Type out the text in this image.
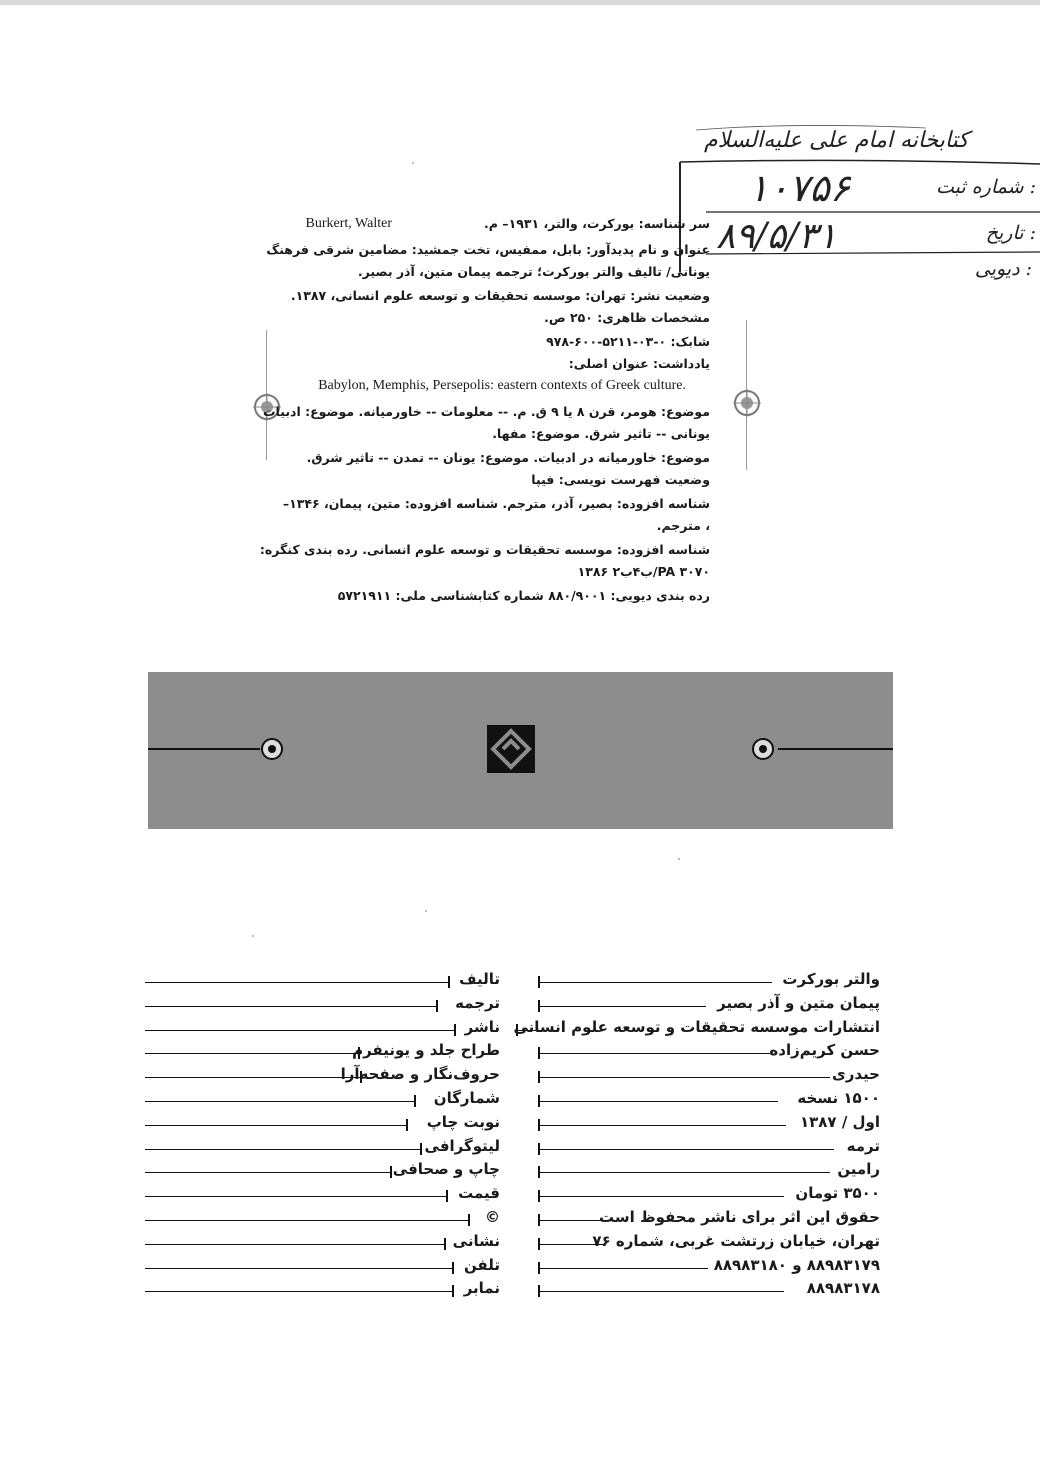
کتابخانه امام علی علیه‌السلام
شماره ثبت :
۱۰۷۵۶
تاریخ :
۸۹/۵/۳۱
دیویی :
سر شناسه: بورکرت، والتر، ۱۹۳۱– م.
Burkert, Walter
عنوان و نام پدیدآور: بابل، ممفیس، تخت جمشید: مضامین شرقی فرهنگ
یونانی/ تالیف والتر بورکرت؛ ترجمه پیمان متین، آذر بصیر.
وضعیت نشر: تهران: موسسه تحقیقات و توسعه علوم انسانی، ۱۳۸۷.
مشخصات ظاهری: ۲۵۰ ص.
شابک: ۰-۰۳-۵۲۱۱-۶۰۰-۹۷۸
یادداشت: عنوان اصلی:
Babylon, Memphis, Persepolis: eastern contexts of Greek culture.
موضوع: هومر، قرن ۸ یا ۹ ق. م. -- معلومات -- خاورمیانه. موضوع: ادبیات
یونانی -- تاثیر شرق. موضوع: مفها.
موضوع: خاورمیانه در ادبیات. موضوع: یونان -- تمدن -- تاثیر شرق.
وضعیت فهرست نویسی: فیپا
شناسه افزوده: بصیر، آذر، مترجم. شناسه افزوده: متین، پیمان، ۱۳۴۶–
، مترجم.
شناسه افزوده: موسسه تحقیقات و توسعه علوم انسانی. رده بندی کنگره:
PA ۳۰۷۰/ب۴ب۲ ۱۳۸۶
رده بندی دیویی: ۸۸۰/۹۰۰۱ شماره کتابشناسی ملی: ۵۷۲۱۹۱۱
تالیف
ترجمه
ناشر
طراح جلد و یونیفرم
حروف‌نگار و صفحه‌آرا
شمارگان
نوبت چاپ
لیتوگرافی
چاپ و صحافی
قیمت
©
نشانی
تلفن
نمابر
والتر بورکرت
پیمان متین و آذر بصیر
انتشارات موسسه تحقیقات و توسعه علوم انسانی
حسن کریم‌زاده
حیدری
۱۵۰۰ نسخه
اول / ۱۳۸۷
ترمه
رامین
۳۵۰۰ تومان
حقوق این اثر برای ناشر محفوظ است
تهران، خیابان زرتشت غربی، شماره ۷۶
۸۸۹۸۳۱۷۹ و ۸۸۹۸۳۱۸۰
۸۸۹۸۳۱۷۸
